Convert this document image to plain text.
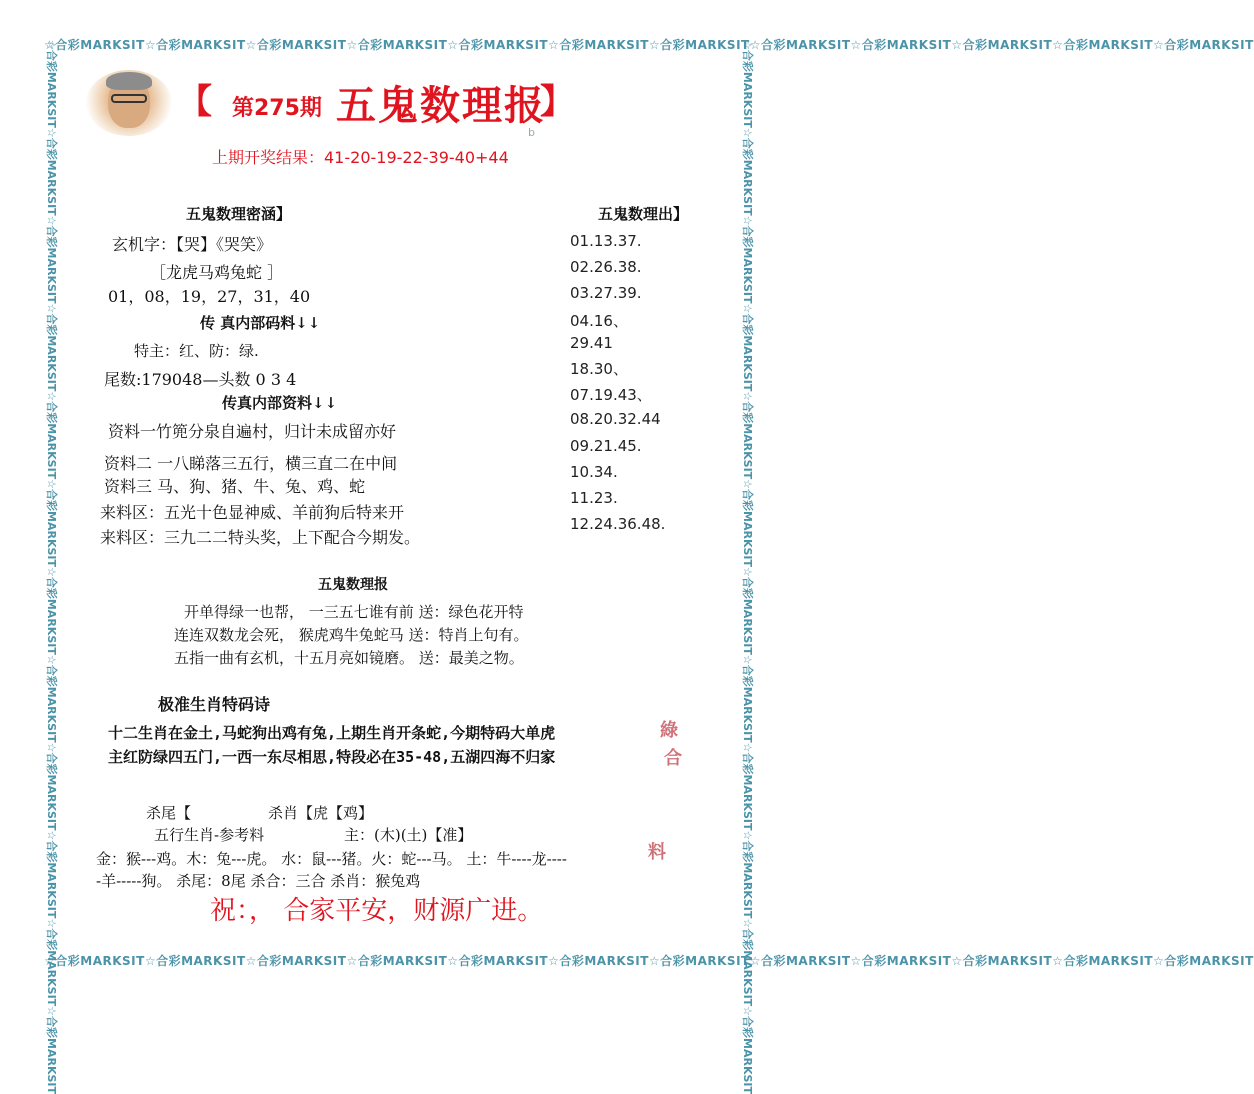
☆合彩MARKSIT☆合彩MARKSIT☆合彩MARKSIT☆合彩MARKSIT☆合彩MARKSIT☆合彩MARKSIT☆合彩MARKSIT☆合彩MARKSIT☆合彩MARKSIT☆合彩MARKSIT☆合彩MARKSIT☆合彩MARKSIT
☆合彩MARKSIT☆合彩MARKSIT☆合彩MARKSIT☆合彩MARKSIT☆合彩MARKSIT☆合彩MARKSIT☆合彩MARKSIT☆合彩MARKSIT☆合彩MARKSIT☆合彩MARKSIT☆合彩MARKSIT☆合彩MARKSIT
☆合彩MARKSIT☆合彩MARKSIT☆合彩MARKSIT☆合彩MARKSIT☆合彩MARKSIT☆合彩MARKSIT☆合彩MARKSIT☆合彩MARKSIT☆合彩MARKSIT☆合彩MARKSIT☆合彩MARKSIT☆合彩MARKSIT	☆合彩MARKSIT☆合彩MARKSIT☆合彩MARKSIT☆合彩MARKSIT☆合彩MARKSIT☆合彩MARKSIT☆合彩MARKSIT☆合彩MARKSIT☆合彩MARKSIT☆合彩MARKSIT☆合彩MARKSIT☆合彩MARKSIT
【 第275期 五鬼数理报
】
b
上期开奖结果：41-20-19-22-39-40+44
五鬼数理密涵】
玄机字：【哭】《哭笑》
［龙虎马鸡兔蛇 ］
01，08，19，27，31，40
传 真内部码料↓↓
特主：红、防：绿.
尾数:179048—头数 0 3 4
传真内部资料↓↓
资料一竹篼分泉自遍村，归计未成留亦好
资料二 一八睇落三五行，横三直二在中间
资料三 马、狗、猪、牛、兔、鸡、蛇
来料区：五光十色显神威、羊前狗后特来开
来料区：三九二二特头奖，上下配合今期发。
五鬼数理出】
01.13.37.
02.26.38.
03.27.39.
04.16、
29.41
18.30、
07.19.43、
08.20.32.44
09.21.45.
10.34.
11.23.
12.24.36.48.
五鬼数理报
开单得绿一也帮， 一三五七谁有前 送：绿色花开特
连连双数龙会死， 猴虎鸡牛兔蛇马 送：特肖上句有。
五指一曲有玄机，十五月亮如镜磨。 送：最美之物。
极准生肖特码诗
十二生肖在金土,马蛇狗出鸡有兔,上期生肖开条蛇,今期特码大单虎
主红防绿四五门,一西一东尽相思,特段必在35-48,五湖四海不归家
綠
合
杀尾【	杀肖【虎【鸡】
五行生肖-参考料	主：(木)(土)【准】
金：猴---鸡。木：兔---虎。 水：鼠---猪。火：蛇---马。 土：牛----龙----
-羊-----狗。 杀尾：8尾 杀合：三合 杀肖：猴兔鸡
料
祝：， 合家平安，财源广进。
